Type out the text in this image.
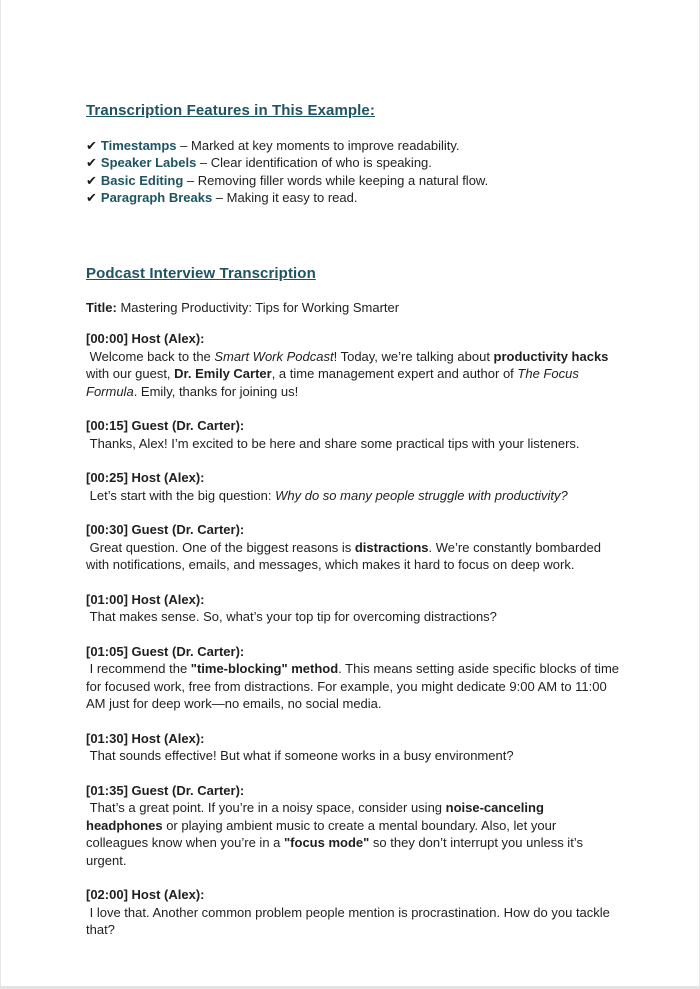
Transcription Features in This Example:
✔ Timestamps – Marked at key moments to improve readability.
✔ Speaker Labels – Clear identification of who is speaking.
✔ Basic Editing – Removing filler words while keeping a natural flow.
✔ Paragraph Breaks – Making it easy to read.
Podcast Interview Transcription

Title: Mastering Productivity: Tips for Working Smarter

[00:00] Host (Alex):

Welcome back to the Smart Work Podcast! Today, we’re talking about productivity hacks with our guest, Dr. Emily Carter, a time management expert and author of The Focus Formula. Emily, thanks for joining us!

[00:15] Guest (Dr. Carter):

Thanks, Alex! I’m excited to be here and share some practical tips with your listeners.

[00:25] Host (Alex):

Let’s start with the big question: Why do so many people struggle with productivity?

[00:30] Guest (Dr. Carter):

Great question. One of the biggest reasons is distractions. We’re constantly bombarded with notifications, emails, and messages, which makes it hard to focus on deep work.

[01:00] Host (Alex):

That makes sense. So, what’s your top tip for overcoming distractions?

[01:05] Guest (Dr. Carter):

I recommend the "time-blocking" method. This means setting aside specific blocks of time for focused work, free from distractions. For example, you might dedicate 9:00 AM to 11:00 AM just for deep work—no emails, no social media.

[01:30] Host (Alex):

That sounds effective! But what if someone works in a busy environment?

[01:35] Guest (Dr. Carter):

That’s a great point. If you’re in a noisy space, consider using noise-canceling headphones or playing ambient music to create a mental boundary. Also, let your colleagues know when you’re in a "focus mode" so they don’t interrupt you unless it’s urgent.

[02:00] Host (Alex):

I love that. Another common problem people mention is procrastination. How do you tackle that?
